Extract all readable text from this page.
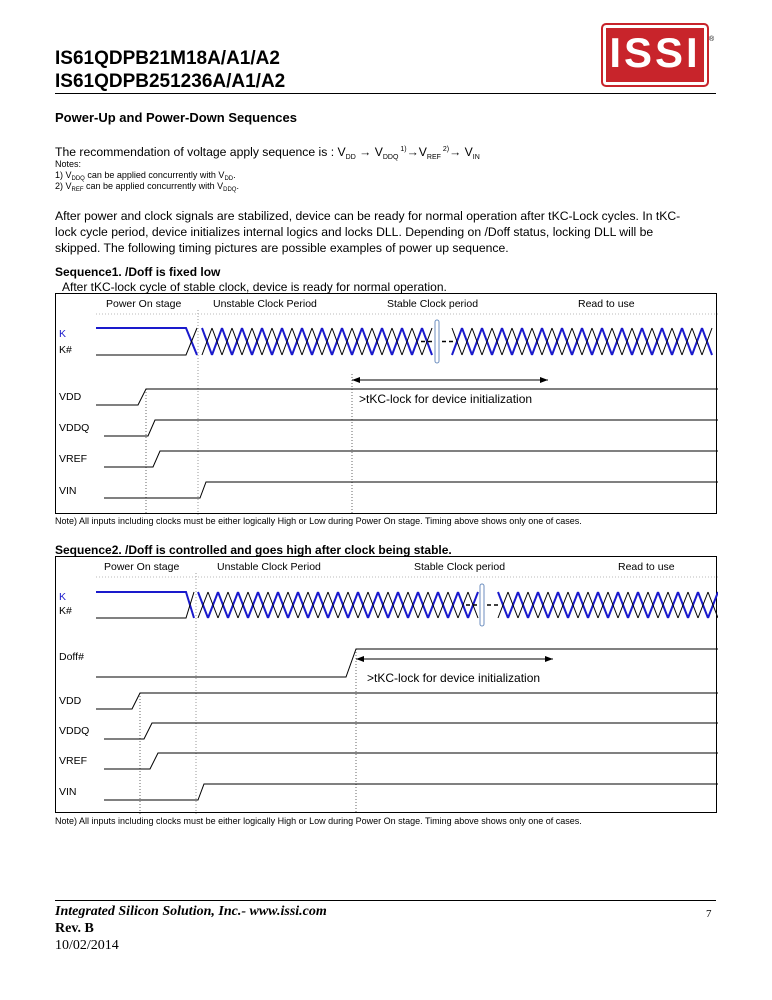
IS61QDPB21M18A/A1/A2
IS61QDPB251236A/A1/A2
ISSI	®
Power-Up and Power-Down Sequences
The recommendation of voltage apply sequence is : $V_{DD} \to V_{DDQ}$ $^{1)}\to V_{REF}$ $^{2)}\to V_{IN}$
Notes:
1) $V_{DDQ}$ can be applied concurrently with $V_{DD}$.
2) $V_{REF}$ can be applied concurrently with $V_{DDQ}$.
After power and clock signals are stabilized, device can be ready for normal operation after tKC-Lock cycles. In tKC-
lock cycle period, device initializes internal logics and locks DLL. Depending on /Doff status, locking DLL will be
skipped. The following timing pictures are possible examples of power up sequence.
Sequence1. /Doff is fixed low
After tKC-lock cycle of stable clock, device is ready for normal operation.
Power On stage	Unstable Clock Period	Stable Clock period	Read to use
K
K#
VDD
VDDQ
VREF
VIN
>tKC-lock for device initialization
Note) All inputs including clocks must be either logically High or Low during Power On stage. Timing above shows only one of cases.
Sequence2. /Doff is controlled and goes high after clock being stable.
Power On stage	Unstable Clock Period	Stable Clock period	Read to use
K
K#
Doff#
VDD
VDDQ
VREF
VIN
>tKC-lock for device initialization
Note) All inputs including clocks must be either logically High or Low during Power On stage. Timing above shows only one of cases.
Integrated Silicon Solution, Inc.- www.issi.com
Rev. B
10/02/2014
7
